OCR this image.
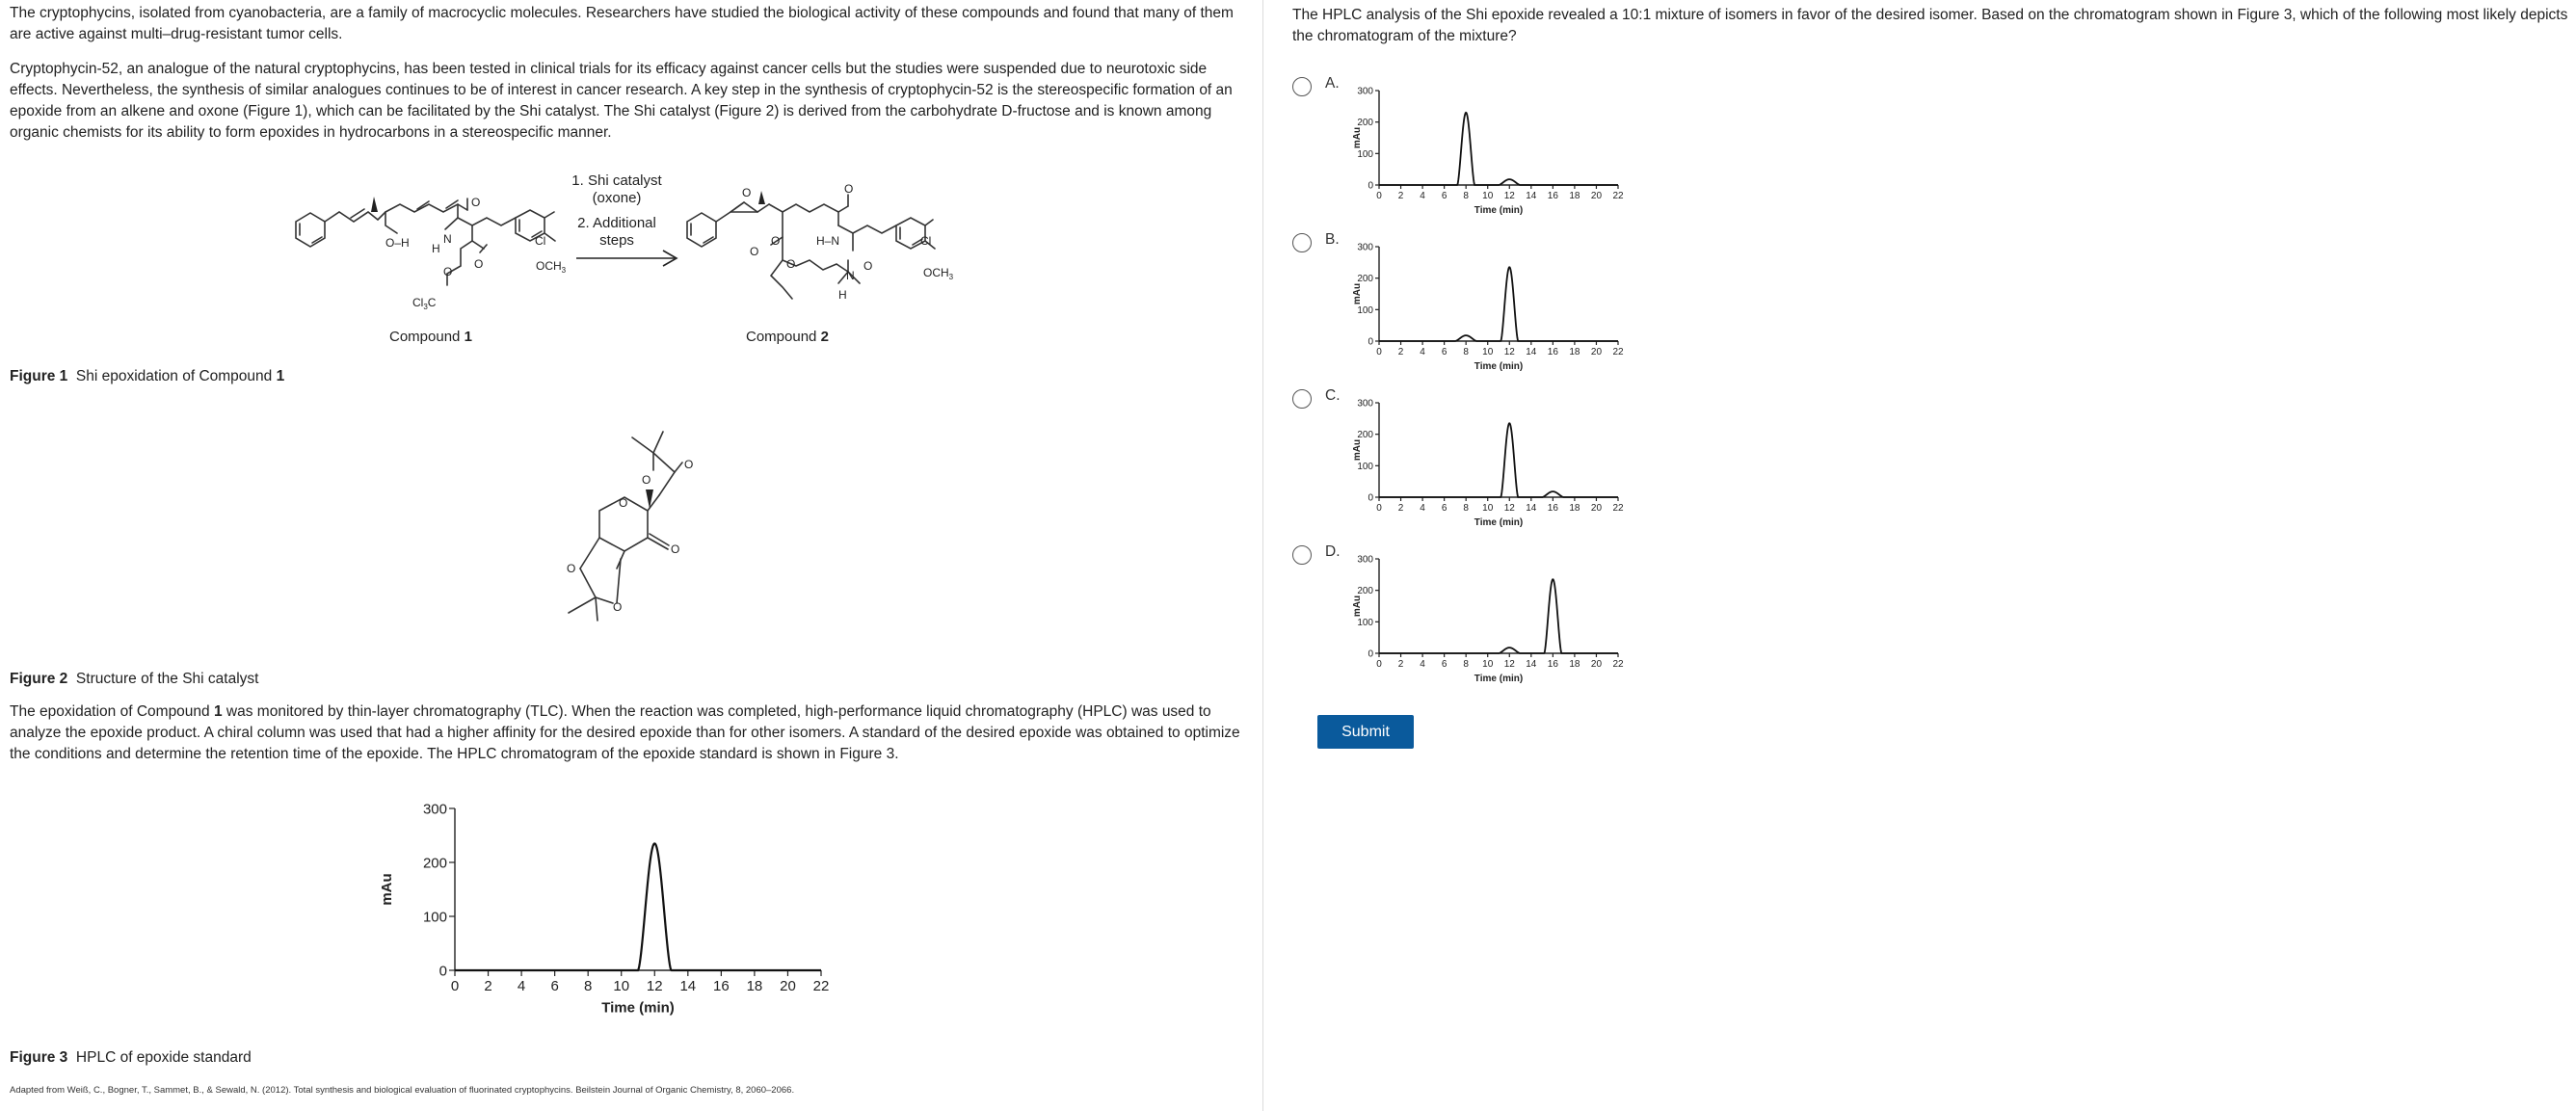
The cryptophycins, isolated from cyanobacteria, are a family of macrocyclic molecules. Researchers have studied the biological activity of these compounds and found that many of them are active against multi–drug-resistant tumor cells.

Cryptophycin-52, an analogue of the natural cryptophycins, has been tested in clinical trials for its efficacy against cancer cells but the studies were suspended due to neurotoxic side effects. Nevertheless, the synthesis of similar analogues continues to be of interest in cancer research. A key step in the synthesis of cryptophycin-52 is the stereospecific formation of an epoxide from an alkene and oxone (Figure 1), which can be facilitated by the Shi catalyst. The Shi catalyst (Figure 2) is derived from the carbohydrate D-fructose and is known among organic chemists for its ability to form epoxides in hydrocarbons in a stereospecific manner.

O–H H
N
O
Cl
$OCH_3$
O
O
$Cl_3C$
Compound 1
1. Shi catalyst
(oxone)
2. Additional
steps
O	O
H–N
O
O
O
N
H
O
Cl
$OCH_3$
Compound 2
Figure 1 Shi epoxidation of Compound 1
O
O
O
O
O
O
Figure 2 Structure of the Shi catalyst

The epoxidation of Compound 1 was monitored by thin-layer chromatography (TLC). When the reaction was completed, high-performance liquid chromatography (HPLC) was used to analyze the epoxide product. A chiral column was used that had a higher affinity for the desired epoxide than for other isomers. A standard of the desired epoxide was obtained to optimize the conditions and determine the retention time of the epoxide. The HPLC chromatogram of the epoxide standard is shown in Figure 3.

0 2 4 6 8 10 12 14 16 18 20 22
0
100
200
300
Time (min)
mAu
Figure 3 HPLC of epoxide standard
Adapted from Weiß, C., Bogner, T., Sammet, B., & Sewald, N. (2012). Total synthesis and biological evaluation of fluorinated cryptophycins. Beilstein Journal of Organic Chemistry, 8, 2060–2066.

The HPLC analysis of the Shi epoxide revealed a 10:1 mixture of isomers in favor of the desired isomer. Based on the chromatogram shown in Figure 3, which of the following most likely depicts the chromatogram of the mixture?

A.
0 2 4 6 8 10 12 14 16 18 20 22
0
100
200
300
Time (min)
mAu
B.
0 2 4 6 8 10 12 14 16 18 20 22
0
100
200
300
Time (min)
mAu
C.
0 2 4 6 8 10 12 14 16 18 20 22
0
100
200
300
Time (min)
mAu
D.
0 2 4 6 8 10 12 14 16 18 20 22
0
100
200
300
Time (min)
mAu
Submit
